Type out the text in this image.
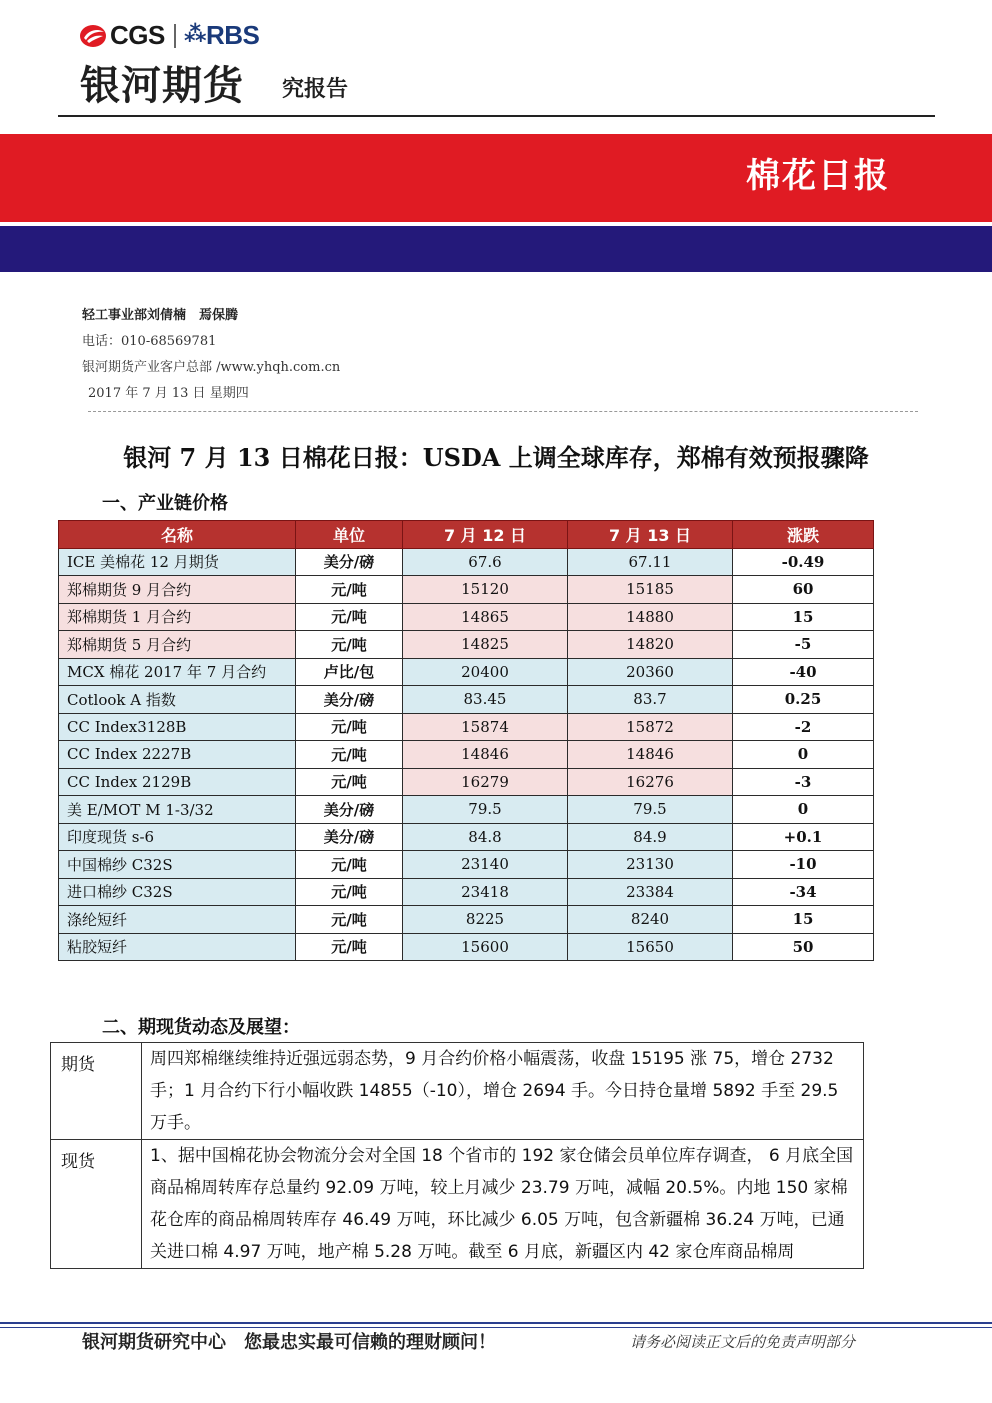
CGS ⁂ RBS
银河期货 究报告
棉花日报
轻工事业部刘倩楠　焉保腾
电话：010-68569781
银河期货产业客户总部 /www.yhqh.com.cn
2017 年 7 月 13 日 星期四
银河 7 月 13 日棉花日报：USDA 上调全球库存，郑棉有效预报骤降
一、产业链价格
名称	单位	7 月 12 日	7 月 13 日	涨跌
ICE 美棉花 12 月期货	美分/磅	67.6	67.11	-0.49
郑棉期货 9 月合约	元/吨	15120	15185	60
郑棉期货 1 月合约	元/吨	14865	14880	15
郑棉期货 5 月合约	元/吨	14825	14820	-5
MCX 棉花 2017 年 7 月合约	卢比/包	20400	20360	-40
Cotlook A 指数	美分/磅	83.45	83.7	0.25
CC Index3128B	元/吨	15874	15872	-2
CC Index 2227B	元/吨	14846	14846	0
CC Index 2129B	元/吨	16279	16276	-3
美 E/MOT M 1-3/32	美分/磅	79.5	79.5	0
印度现货 s-6	美分/磅	84.8	84.9	+0.1
中国棉纱 C32S	元/吨	23140	23130	-10
进口棉纱 C32S	元/吨	23418	23384	-34
涤纶短纤	元/吨	8225	8240	15
粘胶短纤	元/吨	15600	15650	50
二、期现货动态及展望：
期货	周四郑棉继续维持近强远弱态势，9 月合约价格小幅震荡，收盘 15195 涨 75，增仓 2732 手；1 月合约下行小幅收跌 14855（-10），增仓 2694 手。今日持仓量增 5892 手至 29.5 万手。
现货	1、据中国棉花协会物流分会对全国 18 个省市的 192 家仓储会员单位库存调查， 6 月底全国商品棉周转库存总量约 92.09 万吨，较上月减少 23.79 万吨，减幅 20.5%。内地 150 家棉花仓库的商品棉周转库存 46.49 万吨，环比减少 6.05 万吨，包含新疆棉 36.24 万吨，已通关进口棉 4.97 万吨，地产棉 5.28 万吨。截至 6 月底，新疆区内 42 家仓库商品棉周
银河期货研究中心　您最忠实最可信赖的理财顾问！	请务必阅读正文后的免责声明部分
